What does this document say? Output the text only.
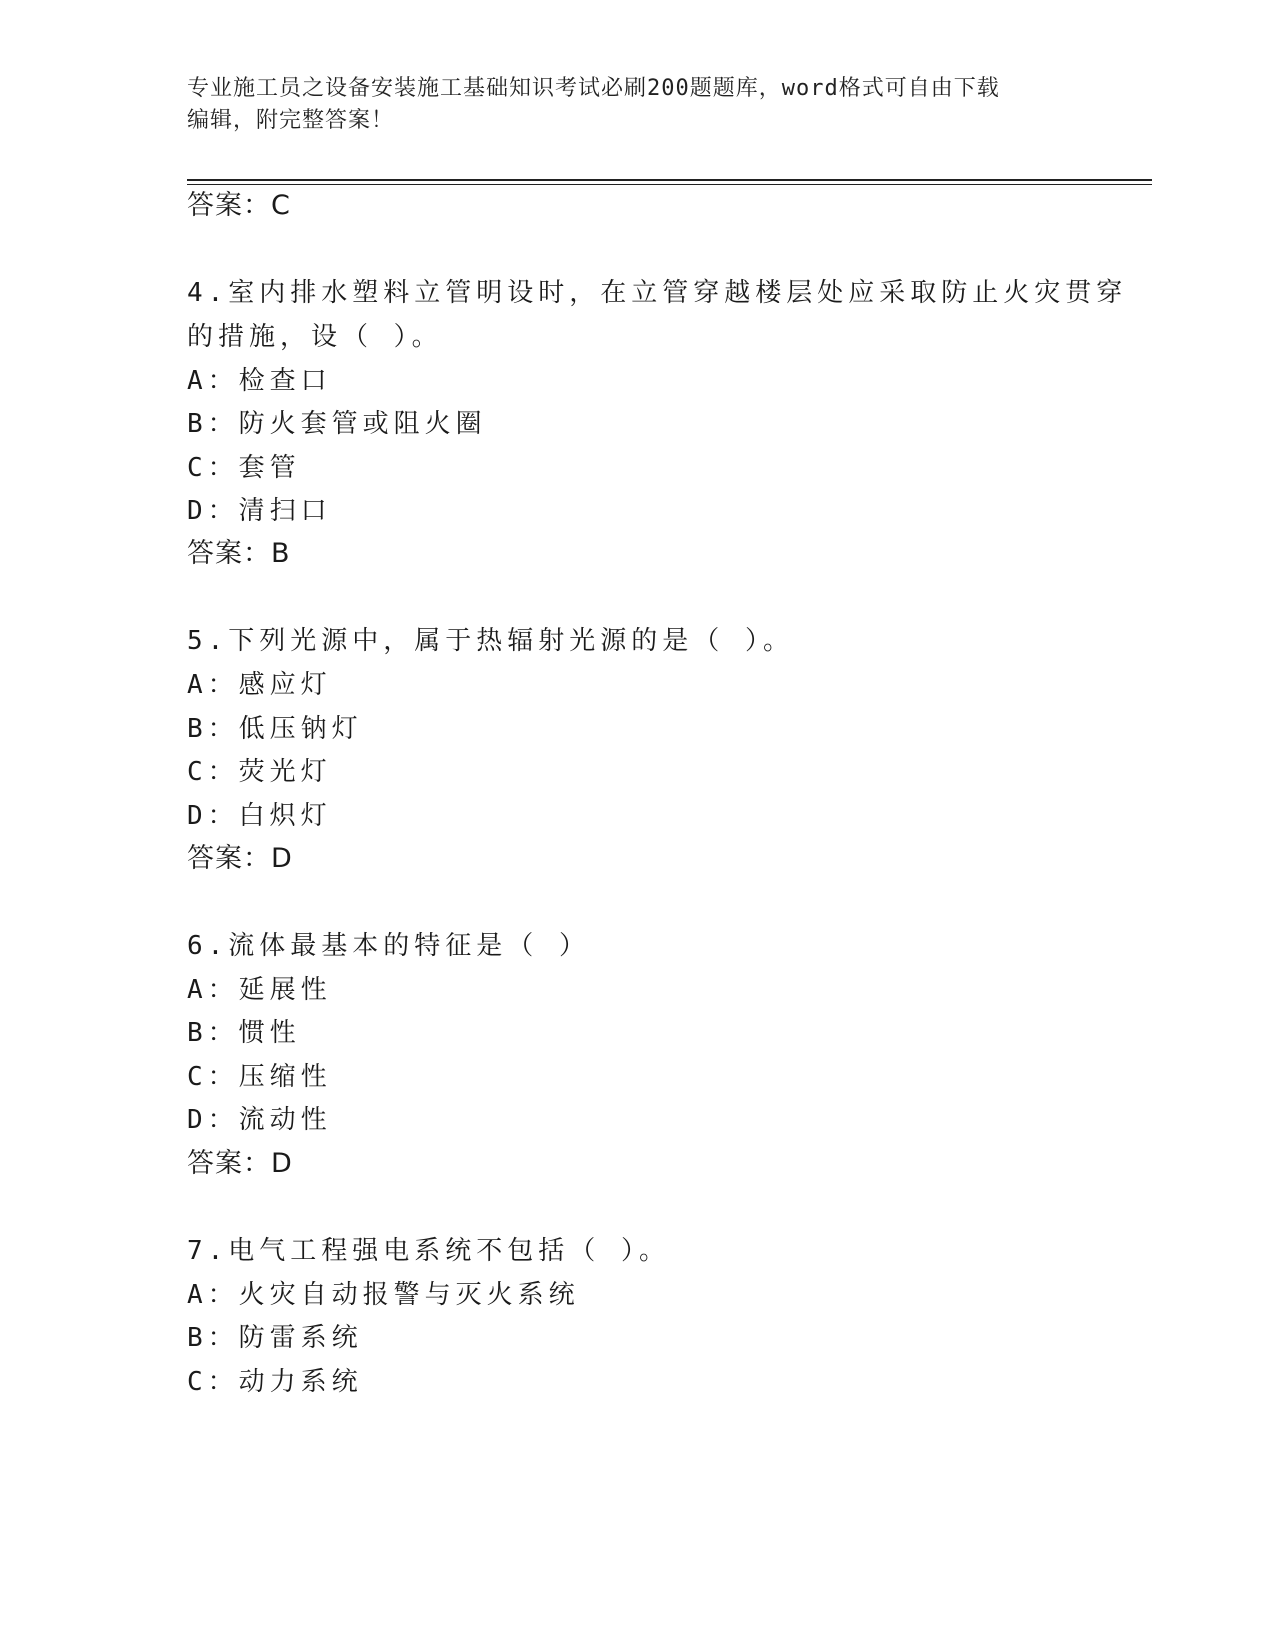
专业施工员之设备安装施工基础知识考试必刷200题题库，word格式可自由下载
编辑，附完整答案！
答案：C
4.室内排水塑料立管明设时，在立管穿越楼层处应采取防止火灾贯穿
的措施，设（ ）。
A：检查口
B：防火套管或阻火圈
C：套管
D：清扫口
答案：B
5.下列光源中，属于热辐射光源的是（ ）。
A：感应灯
B：低压钠灯
C：荧光灯
D：白炽灯
答案：D
6.流体最基本的特征是（ ）
A：延展性
B：惯性
C：压缩性
D：流动性
答案：D
7.电气工程强电系统不包括（ ）。
A：火灾自动报警与灭火系统
B：防雷系统
C：动力系统
